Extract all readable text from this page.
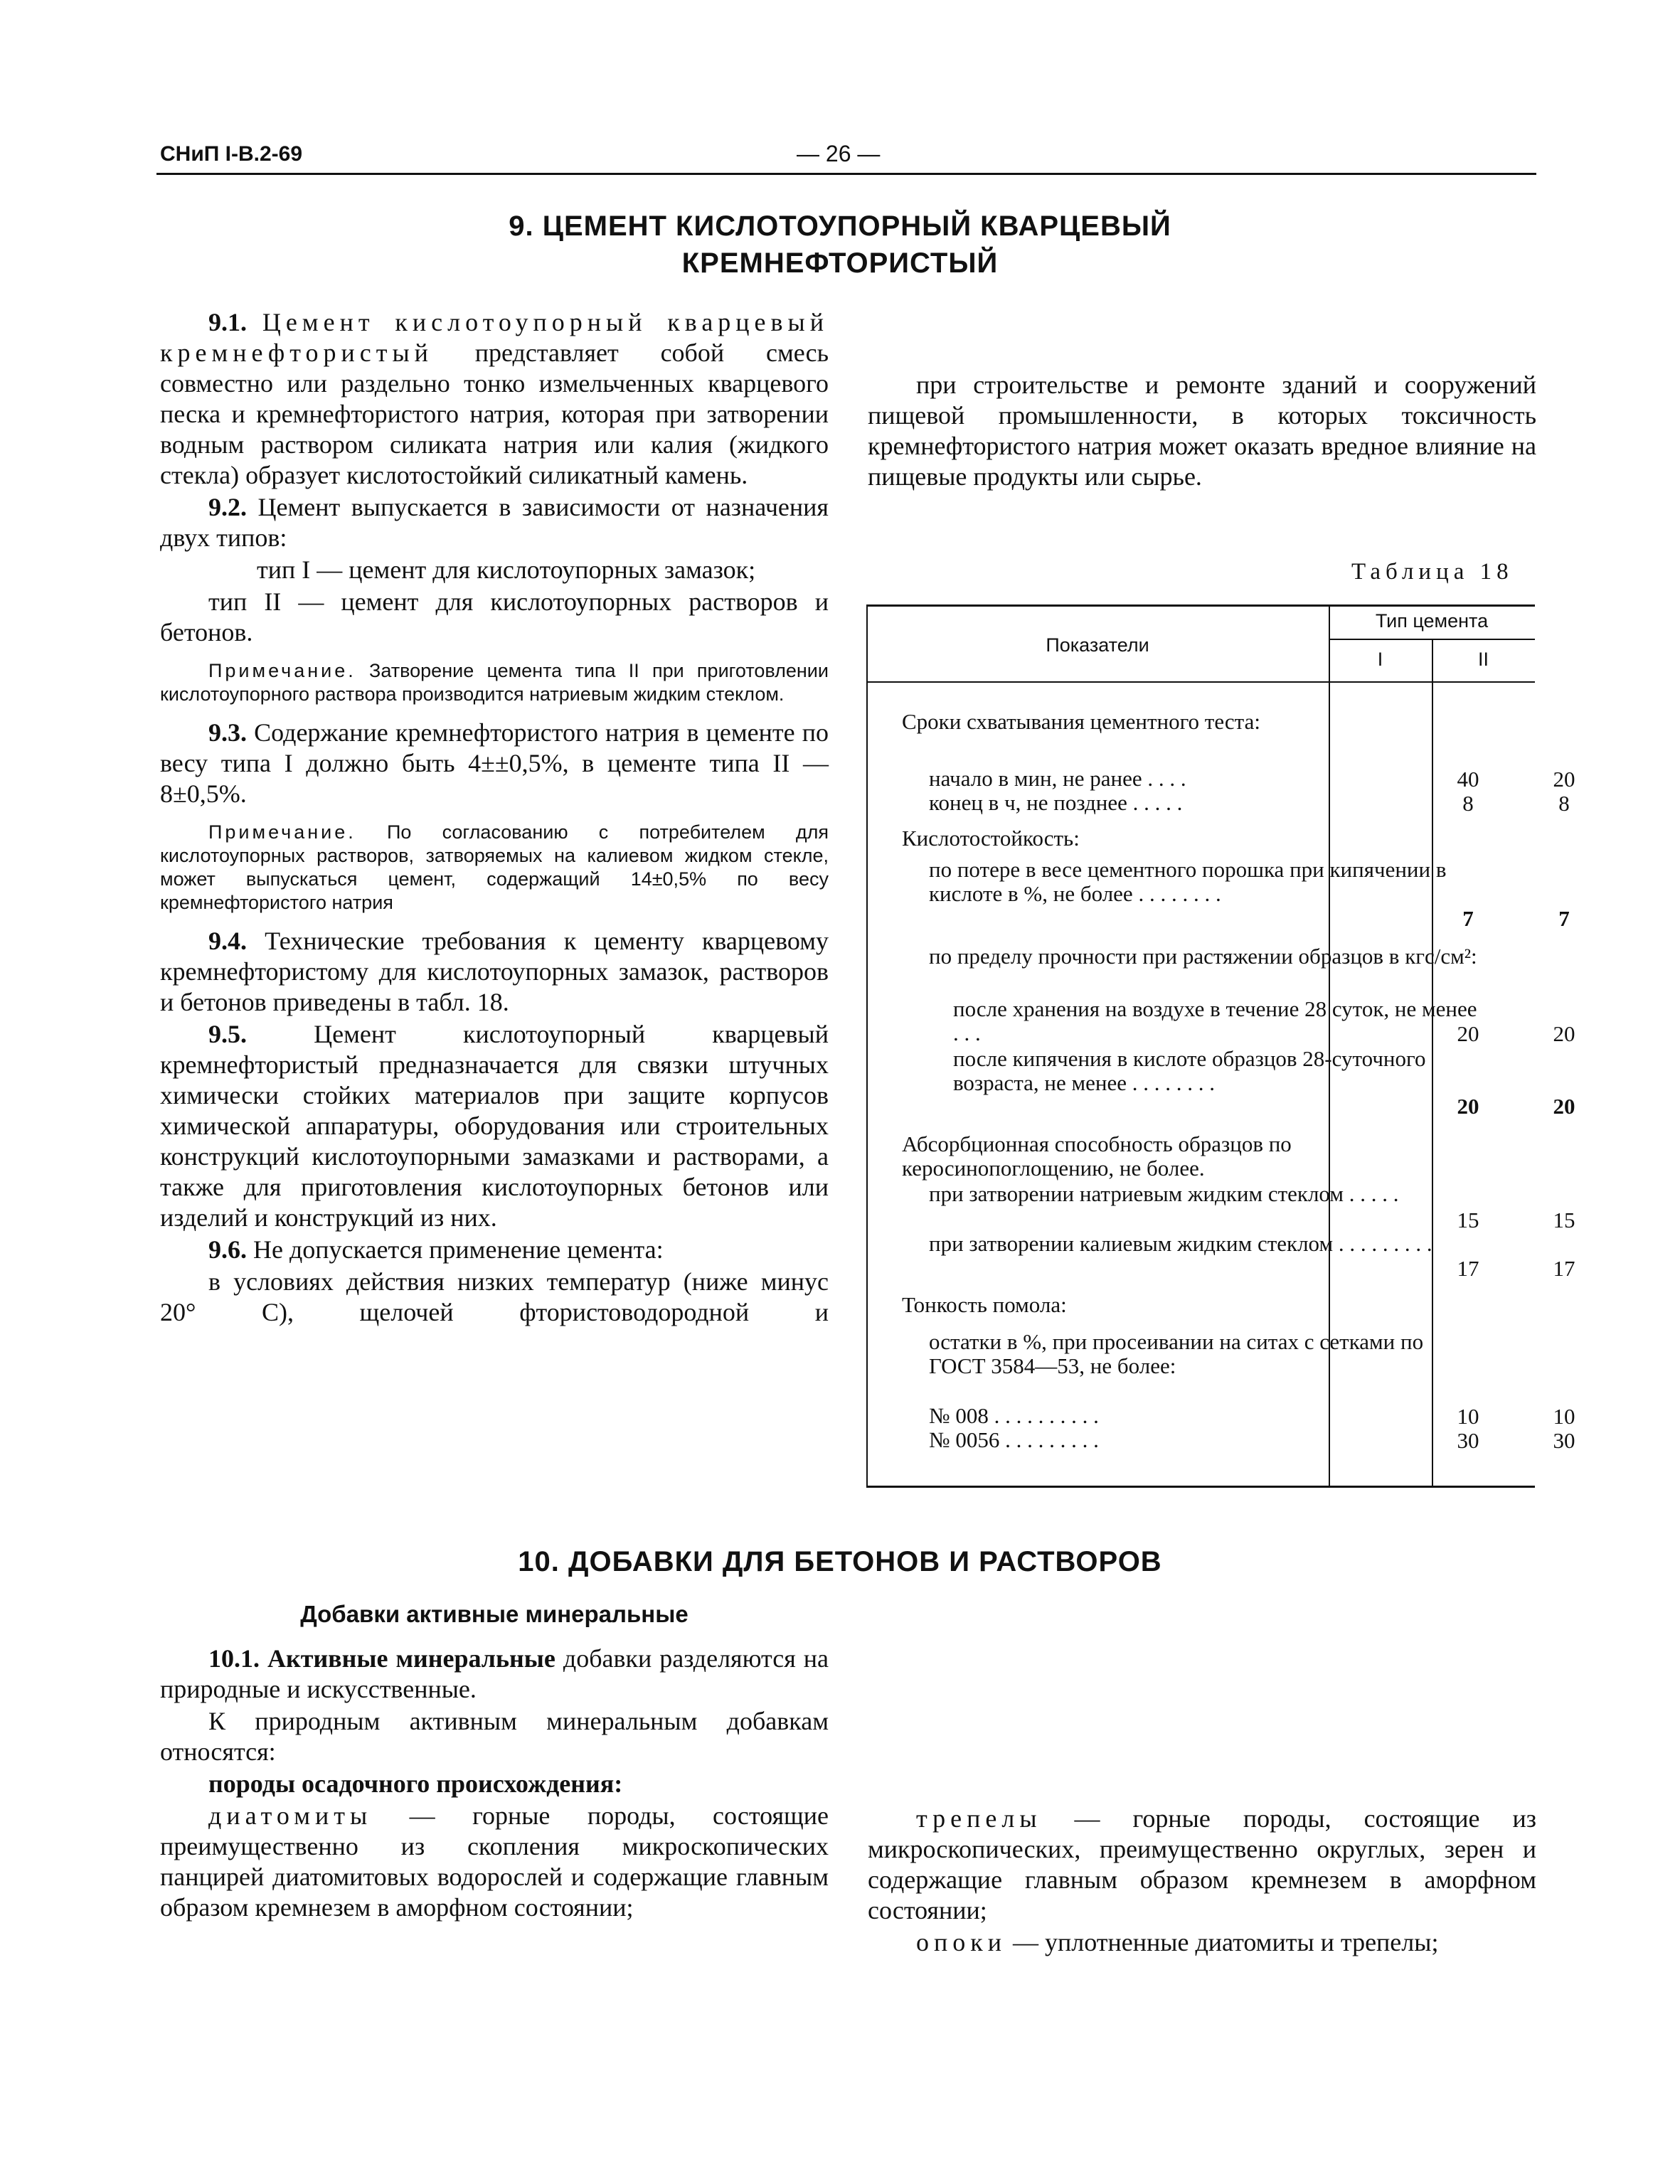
СНиП I-В.2-69	— 26 —
9. ЦЕМЕНТ КИСЛОТОУПОРНЫЙ КВАРЦЕВЫЙ
КРЕМНЕФТОРИСТЫЙ

9.1. Цемент кислотоупорный кварцевый кремнефтористый представляет собой смесь совместно или раздельно тонко измельченных кварцевого песка и кремнефтористого натрия, которая при затворении водным раствором силиката натрия или калия (жидкого стекла) образует кислотостойкий силикатный камень.

9.2. Цемент выпускается в зависимости от назначения двух типов:

тип I — цемент для кислотоупорных замазок;

тип II — цемент для кислотоупорных растворов и бетонов.

Примечание. Затворение цемента типа II при приготовлении кислотоупорного раствора производится натриевым жидким стеклом.

9.3. Содержание кремнефтористого натрия в цементе по весу типа I должно быть 4±±0,5%, в цементе типа II — 8±0,5%.

Примечание. По согласованию с потребителем для кислотоупорных растворов, затворяемых на калиевом жидком стекле, может выпускаться цемент, содержащий 14±0,5% по весу кремнефтористого натрия

9.4. Технические требования к цементу кварцевому кремнефтористому для кислотоупорных замазок, растворов и бетонов приведены в табл. 18.

9.5.	Цемент кислотоупорный кварцевый кремнефтористый предназначается для связки штучных химически стойких материалов при защите корпусов химической аппаратуры, оборудования или строительных конструкций кислотоупорными замазками и растворами, а также для приготовления кислотоупорных бетонов или изделий и конструкций из них.

9.6. Не допускается применение цемента:

в условиях действия низких температур (ниже минус 20° С), щелочей фтористоводородной и

при строительстве и ремонте зданий и сооружений пищевой промышленности, в которых токсичность кремнефтористого натрия может оказать вредное влияние на пищевые продукты или сырье.

Таблица 18
Показатели
Тип цемента
I	II
Сроки схватывания цементного теста:
начало в мин, не ранее . . . .	40	20
конец в ч, не позднее . . . . .	8	8
Кислотостойкость:
по потере в весе цементного порошка при кипячении в кислоте в %, не более . . . . . . . .
7	7
по пределу прочности при растяжении образцов в кгс/см²:
после хранения на воздухе в течение 28 суток, не менее . . .	20	20
после кипячения в кислоте образцов 28-суточного возраста, не менее . . . . . . . .
20	20
Абсорбционная способность образцов по керосинопоглощению, не более.
при затворении натриевым жидким стеклом . . . . .
15	15
при затворении калиевым жидким стеклом . . . . . . . . .
17	17
Тонкость помола:
остатки в %, при просеивании на ситах с сетками по ГОСТ 3584—53, не более:
№ 008 . . . . . . . . . .	10	10
№ 0056 . . . . . . . . .	30	30
10. ДОБАВКИ ДЛЯ БЕТОНОВ И РАСТВОРОВ

Добавки активные минеральные

10.1. Активные минеральные добавки разделяются на природные и искусственные.

К природным активным минеральным добавкам относятся:

породы осадочного происхождения:

диатомиты — горные породы, состоящие преимущественно из скопления микроскопических панцирей диатомитовых водорослей и содержащие главным образом кремнезем в аморфном состоянии;

трепелы — горные породы, состоящие из микроскопических, преимущественно округлых, зерен и содержащие главным образом кремнезем в аморфном состоянии;

опоки — уплотненные диатомиты и трепелы;
